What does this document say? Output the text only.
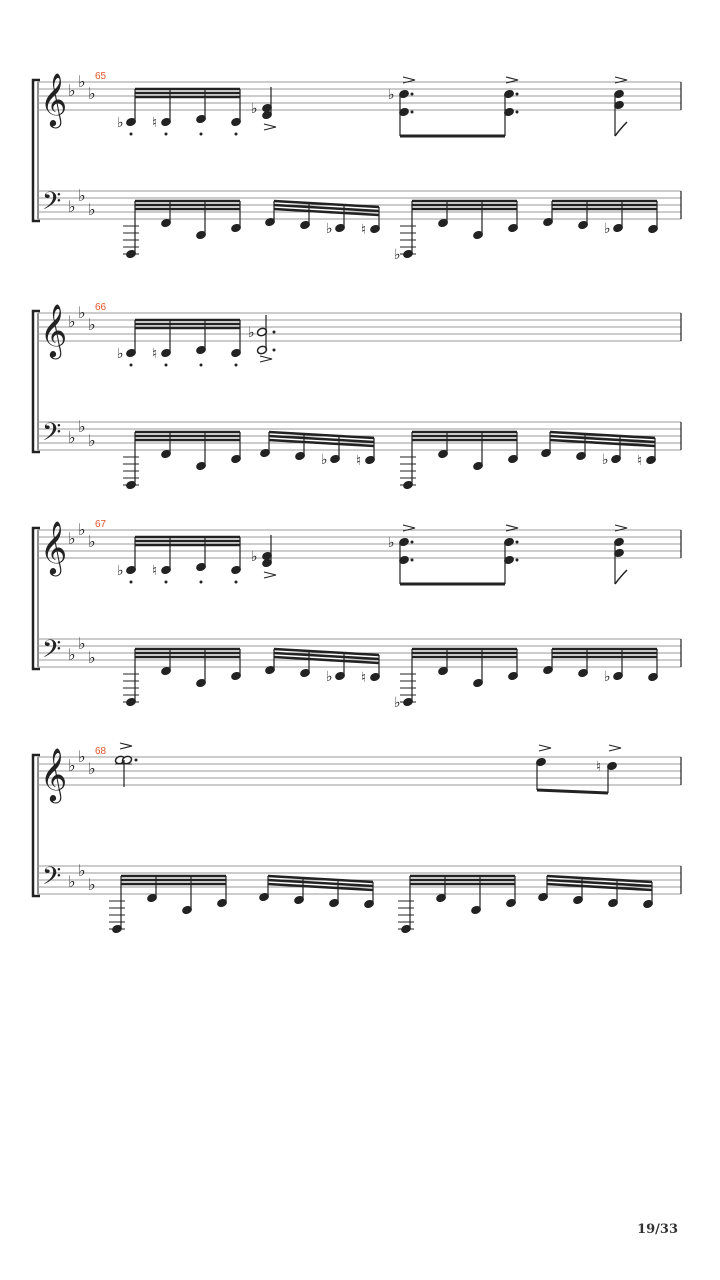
𝄞 ♭ ♭
♭
♭ ♮
♭
♭
𝄢 ♭
♭
♭
♭ ♮
♭
♭
65
𝄞 ♭ ♭
♭
♭ ♮
♭
𝄢 ♭
♭
♭
♭ ♮	♭ ♮
66
𝄞 ♭ ♭
♭
♭ ♮
♭
♭
𝄢 ♭
♭
♭
♭ ♮
♭
♭
67
𝄞 ♭ ♭
♭	♮
𝄢 ♭
♭
♭
68
19/33
